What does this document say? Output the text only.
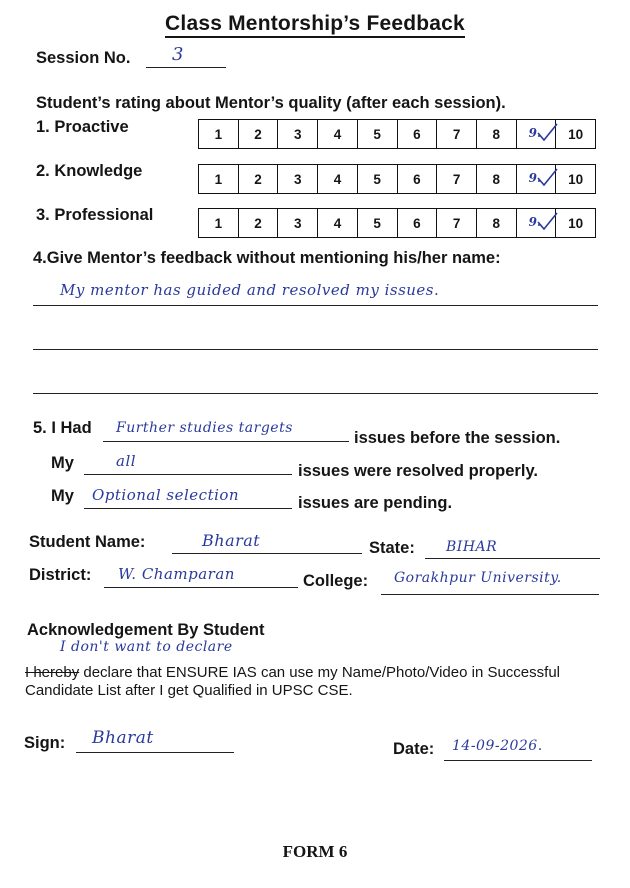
Class Mentorship’s Feedback
Session No. 3
Student’s rating about Mentor’s quality (after each session).
1. Proactive	1 2 3 4 5 6 7 8 9. 10
2. Knowledge	1 2 3 4 5 6 7 8 9. 10
3. Professional	1 2 3 4 5 6 7 8 9. 10
4.Give Mentor’s feedback without mentioning his/her name:
My mentor has guided and resolved my issues.
5. I Had Further studies targets
issues before the session.
My	all
issues were resolved properly.
My Optional selection	issues are pending.
Student Name:	Bharat	State: BIHAR
District: W. Champaran	College: Gorakhpur University.
Acknowledgement By Student
I don't want to declare
I hereby declare that ENSURE IAS can use my Name/Photo/Video in Successful
Candidate List after I get Qualified in UPSC CSE.
Sign: Bharat
Date: 14-09-2026.
FORM 6
